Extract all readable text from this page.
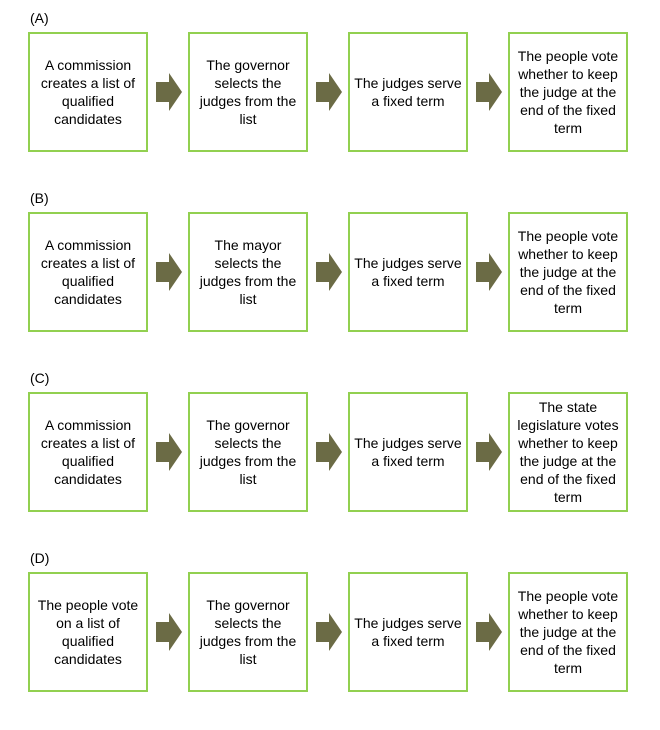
(A)
A commission creates a list of qualified candidates
The governor selects the judges from the list
The judges serve a fixed term
The people vote whether to keep the judge at the end of the fixed term
(B)
A commission creates a list of qualified candidates
The mayor selects the judges from the list
The judges serve a fixed term
The people vote whether to keep the judge at the end of the fixed term
(C)
A commission creates a list of qualified candidates
The governor selects the judges from the list
The judges serve a fixed term
The state legislature votes whether to keep the judge at the end of the fixed term
(D)
The people vote on a list of qualified candidates
The governor selects the judges from the list
The judges serve a fixed term
The people vote whether to keep the judge at the end of the fixed term
